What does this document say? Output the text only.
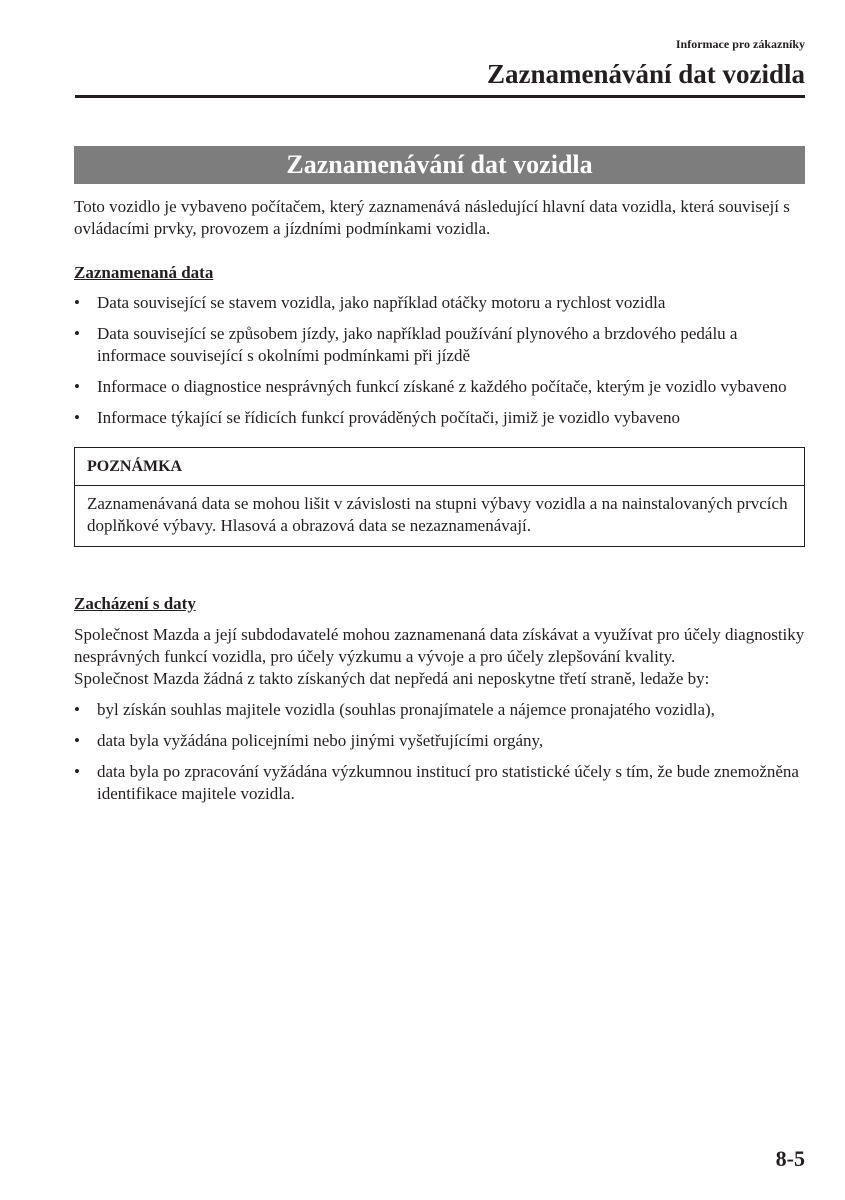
Informace pro zákazníky
Zaznamenávání dat vozidla
Zaznamenávání dat vozidla

Toto vozidlo je vybaveno počítačem, který zaznamenává následující hlavní data vozidla, která souvisejí s ovládacími prvky, provozem a jízdními podmínkami vozidla.

Zaznamenaná data

• Data související se stavem vozidla, jako například otáčky motoru a rychlost vozidla
• Data související se způsobem jízdy, jako například používání plynového a brzdového pedálu a informace související s okolními podmínkami při jízdě
• Informace o diagnostice nesprávných funkcí získané z každého počítače, kterým je vozidlo vybaveno
• Informace týkající se řídicích funkcí prováděných počítači, jimiž je vozidlo vybaveno
POZNÁMKA
Zaznamenávaná data se mohou lišit v závislosti na stupni výbavy vozidla a na nainstalovaných prvcích doplňkové výbavy. Hlasová a obrazová data se nezaznamenávají.

Zacházení s daty

Společnost Mazda a její subdodavatelé mohou zaznamenaná data získávat a využívat pro účely diagnostiky nesprávných funkcí vozidla, pro účely výzkumu a vývoje a pro účely zlepšování kvality.

Společnost Mazda žádná z takto získaných dat nepředá ani neposkytne třetí straně, ledaže by:

• byl získán souhlas majitele vozidla (souhlas pronajímatele a nájemce pronajatého vozidla),
• data byla vyžádána policejními nebo jinými vyšetřujícími orgány,
• data byla po zpracování vyžádána výzkumnou institucí pro statistické účely s tím, že bude znemožněna identifikace majitele vozidla.
8-5
